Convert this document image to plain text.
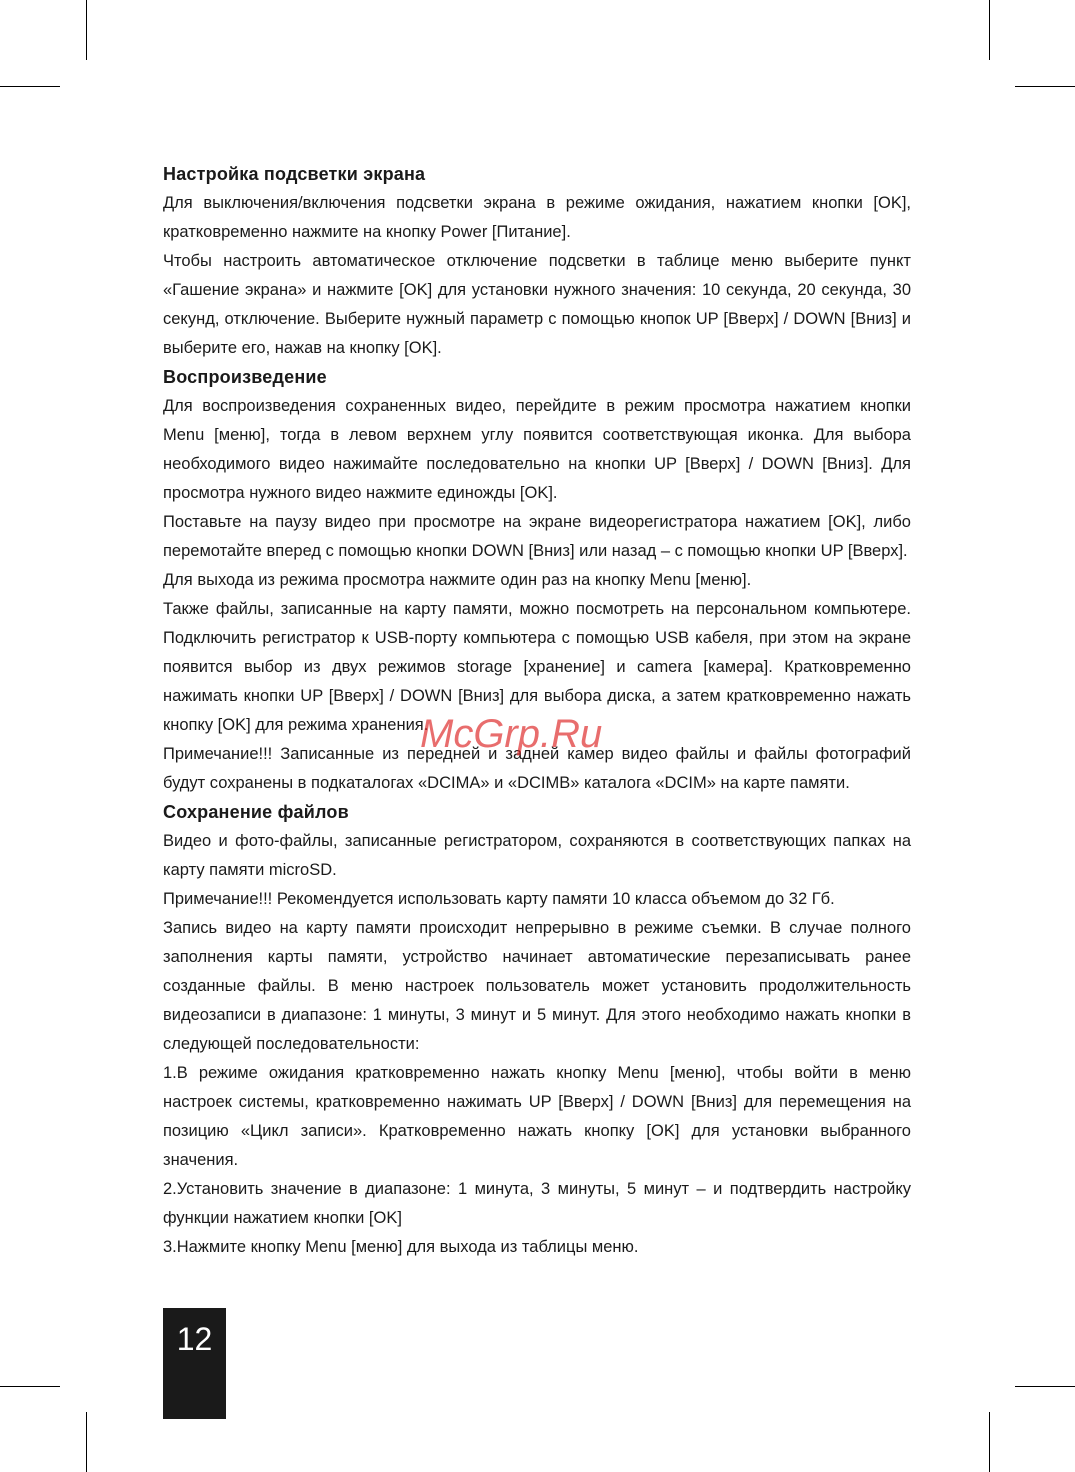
Настройка подсветки экрана

Для выключения/включения подсветки экрана в режиме ожидания, нажатием кнопки [OK], кратковременно нажмите на кнопку Power [Питание].

Чтобы настроить автоматическое отключение подсветки в таблице меню выберите пункт «Гашение экрана» и нажмите [OK] для установки нужного значения: 10 секунда, 20 секунда, 30 секунд, отключение. Выберите нужный параметр с помощью кнопок UP [Вверх] / DOWN [Вниз] и выберите его, нажав на кнопку [OK].

Воспроизведение

Для воспроизведения сохраненных видео, перейдите в режим просмотра нажатием кнопки Menu [меню], тогда в левом верхнем углу появится соответствующая иконка. Для выбора необходимого видео нажимайте последовательно на кнопки UP [Вверх] / DOWN [Вниз]. Для просмотра нужного видео нажмите единожды [OK].

Поставьте на паузу видео при просмотре на экране видеорегистратора нажатием [OK], либо перемотайте вперед с помощью кнопки DOWN [Вниз] или назад – с помощью кнопки UP [Вверх].

Для выхода из режима просмотра нажмите один раз на кнопку Menu [меню].

Также файлы, записанные на карту памяти, можно посмотреть на персональном компьютере. Подключить регистратор к USB-порту компьютера с помощью USB кабеля, при этом на экране появится выбор из двух режимов storage [хранение] и camera [камера]. Кратковременно нажимать кнопки UP [Вверх] / DOWN [Вниз] для выбора диска, а затем кратковременно нажать кнопку [OK] для режима хранения.

Примечание!!! Записанные из передней и задней камер видео файлы и файлы фотографий будут сохранены в подкаталогах «DCIMA» и «DCIMB» каталога «DCIM» на карте памяти.

Сохранение файлов

Видео и фото-файлы, записанные регистратором, сохраняются в соответствующих папках на карту памяти microSD.

Примечание!!! Рекомендуется использовать карту памяти 10 класса объемом до 32 Гб.

Запись видео на карту памяти происходит непрерывно в режиме съемки. В случае полного заполнения карты памяти, устройство начинает автоматические перезаписывать ранее созданные файлы. В меню настроек пользователь может установить продолжительность видеозаписи в диапазоне: 1 минуты, 3 минут и 5 минут. Для этого необходимо нажать кнопки в следующей последовательности:

1.В режиме ожидания кратковременно нажать кнопку Menu [меню], чтобы войти в меню настроек системы, кратковременно нажимать UP [Вверх] / DOWN [Вниз] для перемещения на позицию «Цикл записи». Кратковременно нажать кнопку [OK] для установки выбранного значения.

2.Установить значение в диапазоне: 1 минута, 3 минуты, 5 минут – и подтвердить настройку функции нажатием кнопки [OK]

3.Нажмите кнопку Menu [меню] для выхода из таблицы меню.

McGrp.Ru
12
